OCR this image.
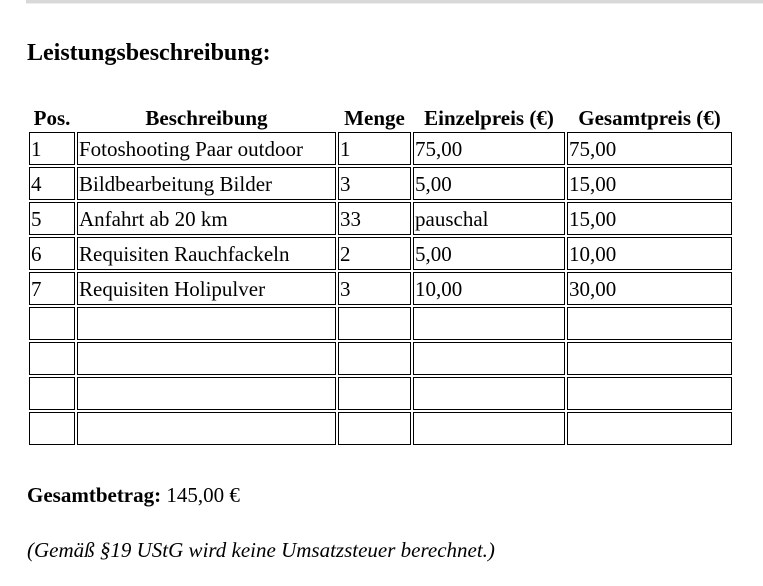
Leistungsbeschreibung:
Pos.	Beschreibung	Menge	Einzelpreis (€)	Gesamtpreis (€)
1	Fotoshooting Paar outdoor	1	75,00	75,00
4	Bildbearbeitung Bilder	3	5,00	15,00
5	Anfahrt ab 20 km	33	pauschal	15,00
6	Requisiten Rauchfackeln	2	5,00	10,00
7	Requisiten Holipulver	3	10,00	30,00

Gesamtbetrag: 145,00 €
(Gemäß §19 UStG wird keine Umsatzsteuer berechnet.)
